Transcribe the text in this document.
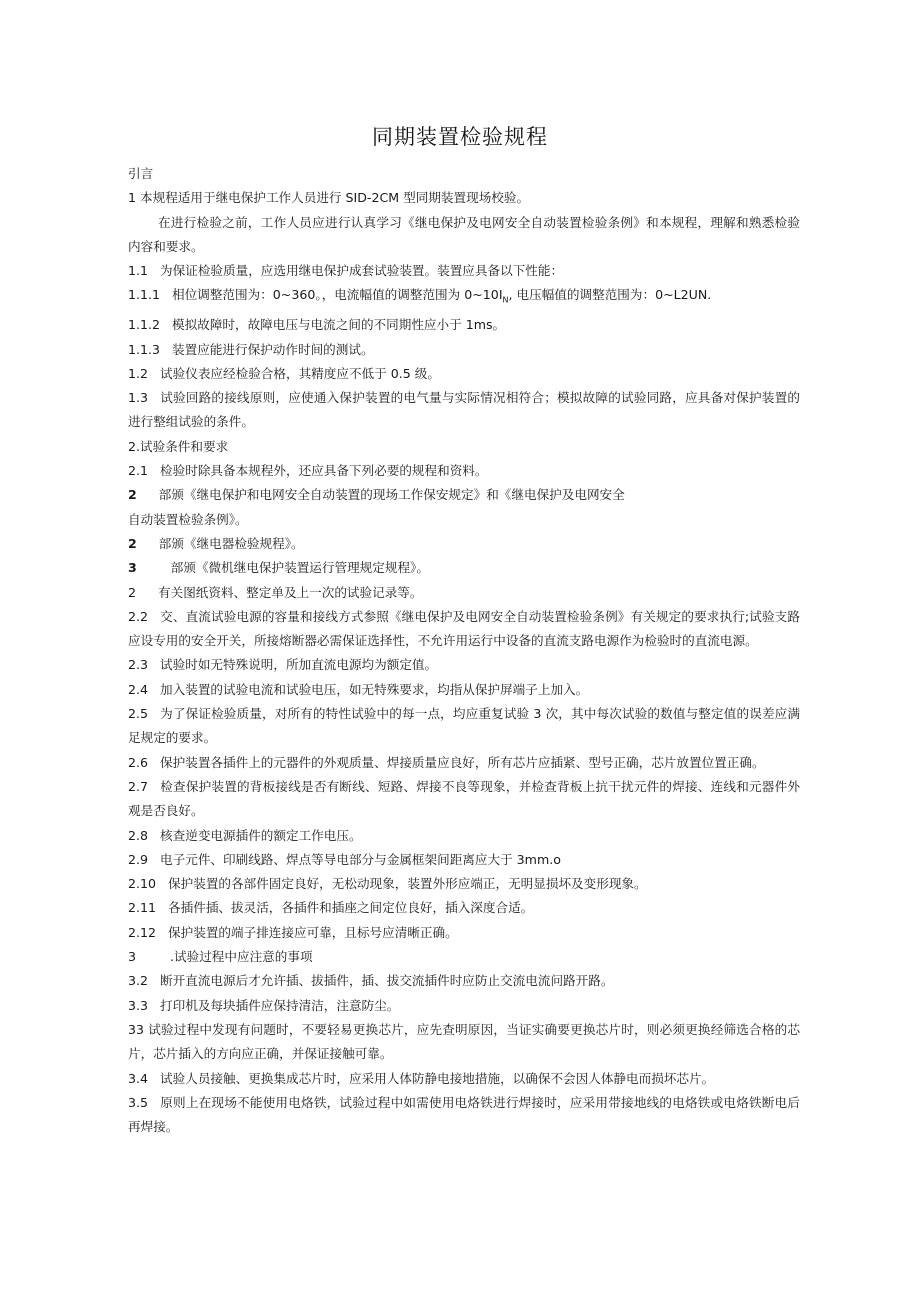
同期装置检验规程

引言

1 本规程适用于继电保护工作人员进行 SID-2CM 型同期装置现场校验。

在进行检验之前，工作人员应进行认真学习《继电保护及电网安全自动装置检验条例》和本规程，理解和熟悉检验内容和要求。

1.1 为保证检验质量，应选用继电保护成套试验装置。装置应具备以下性能：

1.1.1 相位调整范围为：0~360。，电流幅值的调整范围为 $0\sim 10I_N$, 电压幅值的调整范围为：0~L2UN.

1.1.2 模拟故障时，故障电压与电流之间的不同期性应小于 1ms。

1.1.3 装置应能进行保护动作时间的测试。

1.2 试验仪表应经检验合格，其精度应不低于 0.5 级。

1.3 试验回路的接线原则，应使通入保护装置的电气量与实际情况相符合；模拟故障的试验同路，应具备对保护装置的进行整组试验的条件。

2.试验条件和要求

2.1 检验时除具备本规程外，还应具备下列必要的规程和资料。

2 部颁《继电保护和电网安全自动装置的现场工作保安规定》和《继电保护及电网安全

自动装置检验条例》。

2 部颁《继电器检验规程》。

3	部颁《微机继电保护装置运行管理规定规程》。

2 有关图纸资料、整定单及上一次的试验记录等。

2.2 交、直流试验电源的容量和接线方式参照《继电保护及电网安全自动装置检验条例》有关规定的要求执行;试验支路应设专用的安全开关，所接熔断器必需保证选择性，不允许用运行中设备的直流支路电源作为检验时的直流电源。

2.3 试验时如无特殊说明，所加直流电源均为额定值。

2.4 加入装置的试验电流和试验电压，如无特殊要求，均指从保护屏端子上加入。

2.5 为了保证检验质量，对所有的特性试验中的每一点，均应重复试验 3 次，其中每次试验的数值与整定值的误差应满足规定的要求。

2.6 保护装置各插件上的元器件的外观质量、焊接质量应良好，所有芯片应插紧、型号正确，芯片放置位置正确。

2.7 检查保护装置的背板接线是否有断线、短路、焊接不良等现象，并检查背板上抗干扰元件的焊接、连线和元器件外观是否良好。

2.8 核查逆变电源插件的额定工作电压。

2.9 电子元件、印刷线路、焊点等导电部分与金属框架间距离应大于 3mm.o

2.10 保护装置的各部件固定良好，无松动现象，装置外形应端正，无明显损坏及变形现象。

2.11 各插件插、拔灵活，各插件和插座之间定位良好，插入深度合适。

2.12 保护装置的端子排连接应可靠，且标号应清晰正确。

3	.试验过程中应注意的事项

3.2 断开直流电源后才允许插、拔插件，插、拔交流插件时应防止交流电流问路开路。

3.3 打印机及每块插件应保持清洁，注意防尘。

33 试验过程中发现有问题时，不要轻易更换芯片，应先查明原因，当证实确要更换芯片时，则必须更换经筛选合格的芯片，芯片插入的方向应正确，并保证接触可靠。

3.4 试验人员接触、更换集成芯片时，应采用人体防静电接地措施，以确保不会因人体静电而损坏芯片。

3.5 原则上在现场不能使用电烙铁，试验过程中如需使用电烙铁进行焊接时，应采用带接地线的电烙铁或电烙铁断电后再焊接。
